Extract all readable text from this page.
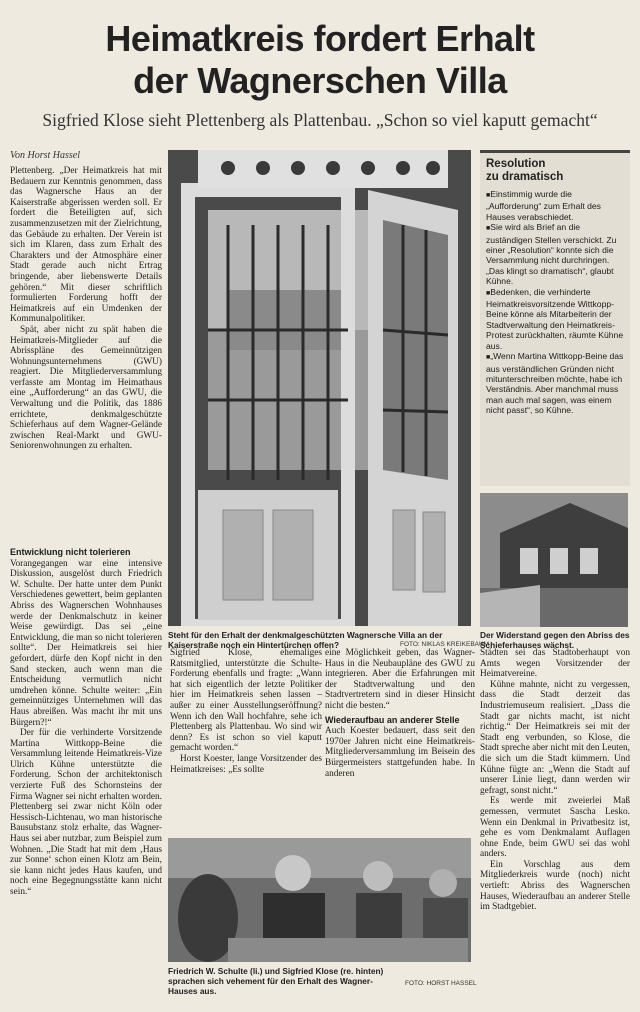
Heimatkreis fordert Erhalt
der Wagnerschen Villa
Sigfried Klose sieht Plettenberg als Plattenbau. „Schon so viel kaputt gemacht“
Von Horst Hassel

Plettenberg. „Der Heimatkreis hat mit Bedauern zur Kenntnis genommen, dass das Wagnersche Haus an der Kaiserstraße abgerissen werden soll. Er fordert die Beteiligten auf, sich zusammenzusetzen mit der Zielrichtung, das Gebäude zu erhalten. Der Verein ist sich im Klaren, dass zum Erhalt des Charakters und der Atmosphäre einer Stadt gerade auch nicht Ertrag bringende, aber liebenswerte Details gehören.“ Mit dieser schriftlich formulierten Forderung hofft der Heimatkreis auf ein Umdenken der Kommunalpolitiker.

Spät, aber nicht zu spät haben die Heimatkreis-Mitglieder auf die Abrisspläne des Gemeinnützigen Wohnungsunternehmens (GWU) reagiert. Die Mitgliederversammlung verfasste am Montag im Heimathaus eine „Aufforderung“ an das GWU, die Verwaltung und die Politik, das 1886 errichtete, denkmalgeschützte Schieferhaus auf dem Wagner-Gelände zwischen Real-Markt und GWU-Seniorenwohnungen zu erhalten.

Entwicklung nicht tolerieren

Vorangegangen war eine intensive Diskussion, ausgelöst durch Friedrich W. Schulte. Der hatte unter dem Punkt Verschiedenes gewettert, beim geplanten Abriss des Wagnerschen Wohnhauses werde der Denkmalschutz in keiner Weise gewürdigt. Das sei „eine Entwicklung, die man so nicht tolerieren sollte“. Der Heimatkreis sei hier gefordert, dürfe den Kopf nicht in den Sand stecken, auch wenn man die Entscheidung vermutlich nicht umdrehen könne. Schulte weiter: „Ein gemeinnütziges Unternehmen will das Haus abreißen. Was macht ihr mit uns Bürgern?!“

Der für die verhinderte Vorsitzende Martina Wittkopp-Beine die Versammlung leitende Heimatkreis-Vize Ulrich Kühne unterstützte die Forderung. Schon der architektonisch verzierte Fuß des Schornsteins der Firma Wagner sei nicht erhalten worden. Plettenberg sei zwar nicht Köln oder Hessisch-Lichtenau, wo man historische Bausubstanz stolz erhalte, das Wagner-Haus sei aber nutzbar, zum Beispiel zum Wohnen. „Die Stadt hat mit dem ‚Haus zur Sonne‘ schon einen Klotz am Bein, sie kann nicht jedes Haus kaufen, und noch eine Begegnungsstätte kann nicht sein.“

Steht für den Erhalt der denkmalgeschützten Wagnersche Villa an der Kaiserstraße noch ein Hintertürchen offen?	FOTO: NIKLAS KREIKEBAUM
Resolution
zu dramatisch

■ Einstimmig wurde die „Aufforderung“ zum Erhalt des Hauses verabschiedet.

■ Sie wird als Brief an die zuständigen Stellen verschickt. Zu einer „Resolution“ konnte sich die Versammlung nicht durchringen. „Das klingt so dramatisch“, glaubt Kühne.

■ Bedenken, die verhinderte Heimatkreisvorsitzende Wittkopp-Beine könne als Mitarbeiterin der Stadtverwaltung den Heimatkreis-Protest zurückhalten, räumte Kühne aus.

■ „Wenn Martina Wittkopp-Beine das aus verständlichen Gründen nicht mitunterschreiben möchte, habe ich Verständnis. Aber manchmal muss man auch mal sagen, was einem nicht passt“, so Kühne.

Der Widerstand gegen den Abriss des Schieferhauses wächst.

Sigfried Klose, ehemaliges Ratsmitglied, unterstützte die Schulte-Forderung ebenfalls und fragte: „Wann hat sich eigentlich der letzte Politiker hier im Heimatkreis sehen lassen – außer zu einer Ausstellungseröffnung? Wenn ich den Wall hochfahre, sehe ich Plettenberg als Plattenbau. Wo sind wir denn? Es ist schon so viel kaputt gemacht worden.“

Horst Koester, lange Vorsitzender des Heimatkreises: „Es sollte

eine Möglichkeit geben, das Wagner-Haus in die Neubaupläne des GWU zu integrieren. Aber die Erfahrungen mit der Stadtverwaltung und den Stadtvertretern sind in dieser Hinsicht nicht die besten.“

Wiederaufbau an anderer Stelle

Auch Koester bedauert, dass seit den 1970er Jahren nicht eine Heimatkreis-Mitgliederversammlung im Beisein des Bürgermeisters stattgefunden habe. In anderen

Städten sei das Stadtoberhaupt von Amts wegen Vorsitzender der Heimatvereine.

Kühne mahnte, nicht zu vergessen, dass die Stadt derzeit das Industriemuseum realisiert. „Dass die Stadt gar nichts macht, ist nicht richtig.“ Der Heimatkreis sei mit der Stadt eng verbunden, so Klose, die Stadt spreche aber nicht mit den Leuten, die sich um die Stadt kümmern. Und Kühne fügte an: „Wenn die Stadt auf unserer Linie liegt, dann werden wir gefragt, sonst nicht.“

Es werde mit zweierlei Maß gemessen, vermutet Sascha Lesko. Wenn ein Denkmal in Privatbesitz ist, gehe es vom Denkmalamt Auflagen ohne Ende, beim GWU sei das wohl anders.

Ein Vorschlag aus dem Mitgliederkreis wurde (noch) nicht vertieft: Abriss des Wagnerschen Hauses, Wiederaufbau an anderer Stelle im Stadtgebiet.

Friedrich W. Schulte (li.) und Sigfried Klose (re. hinten) sprachen sich vehement für den Erhalt des Wagner-Hauses aus.
FOTO: HORST HASSEL
